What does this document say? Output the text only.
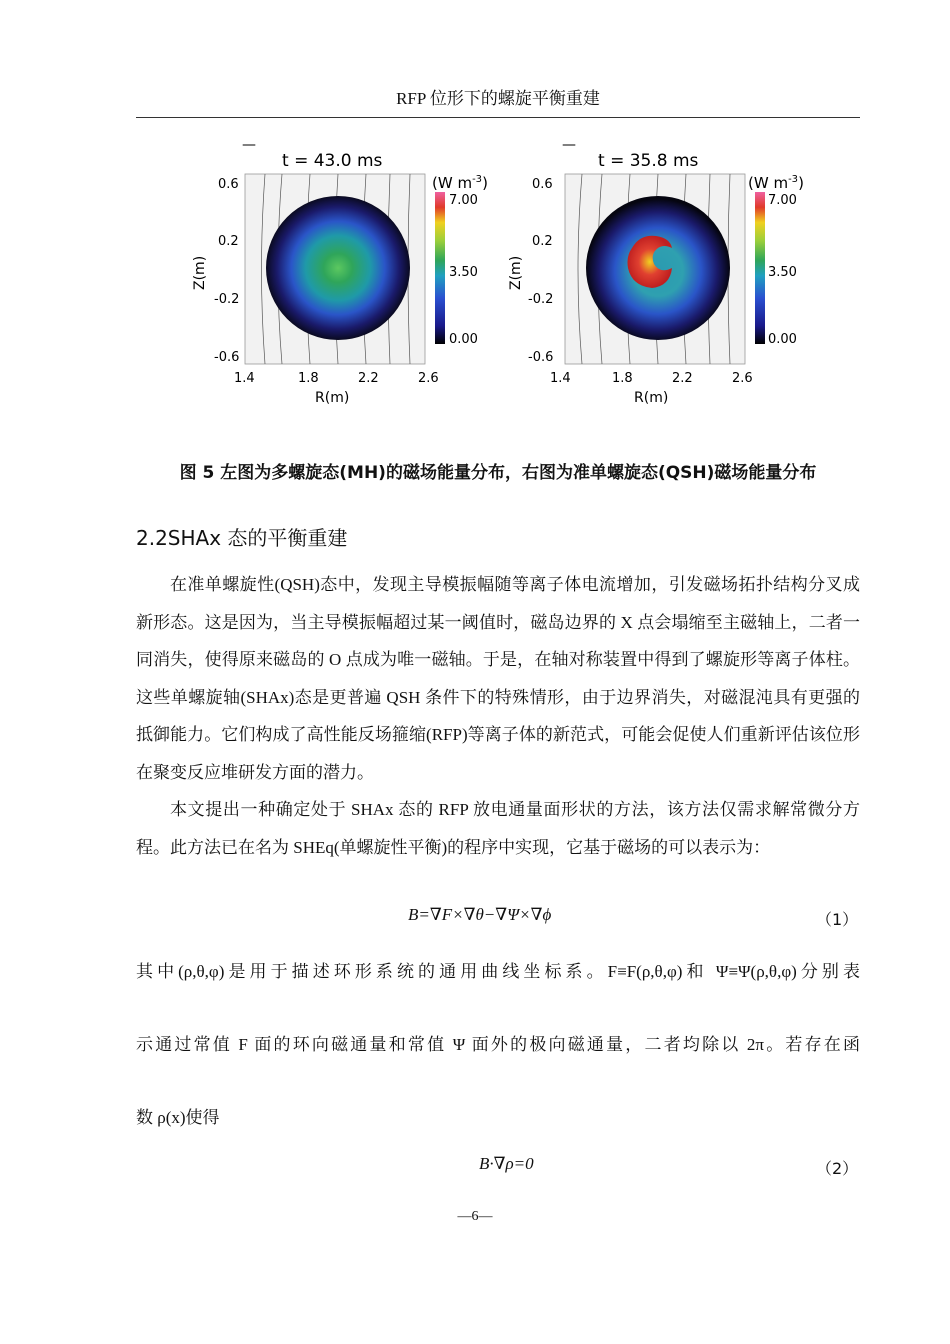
RFP 位形下的螺旋平衡重建
—
t = 43.0 ms
(W $m^{-3}$)
7.00
3.50
0.00
0.6
0.2
-0.2
-0.6
1.4	1.8	2.2	2.6
R(m)
Z(m)
—
t = 35.8 ms
(W $m^{-3}$)
7.00
3.50
0.00
0.6
0.2
-0.2
-0.6
1.4	1.8	2.2	2.6
R(m)
Z(m)
图 5 左图为多螺旋态(MH)的磁场能量分布，右图为准单螺旋态(QSH)磁场能量分布
2.2SHAx 态的平衡重建
在准单螺旋性(QSH)态中，发现主导模振幅随等离子体电流增加，引发磁场拓扑结构分叉成新形态。这是因为，当主导模振幅超过某一阈值时，磁岛边界的 X 点会塌缩至主磁轴上，二者一同消失，使得原来磁岛的 O 点成为唯一磁轴。于是，在轴对称装置中得到了螺旋形等离子体柱。这些单螺旋轴(SHAx)态是更普遍 QSH 条件下的特殊情形，由于边界消失，对磁混沌具有更强的抵御能力。它们构成了高性能反场箍缩(RFP)等离子体的新范式，可能会促使人们重新评估该位形在聚变反应堆研发方面的潜力。
本文提出一种确定处于 SHAx 态的 RFP 放电通量面形状的方法，该方法仅需求解常微分方程。此方法已在名为 SHEq(单螺旋性平衡)的程序中实现，它基于磁场的可以表示为：
B=∇F×∇θ−∇Ψ×∇ϕ	（1）
其中(ρ,θ,φ)是用于描述环形系统的通用曲线坐标系。F≡F(ρ,θ,φ)和 Ψ≡Ψ(ρ,θ,φ)分别表
示通过常值 F 面的环向磁通量和常值 Ψ 面外的极向磁通量，二者均除以 2π。若存在函
数 ρ(x)使得
B·∇ρ=0	（2）
—6—
